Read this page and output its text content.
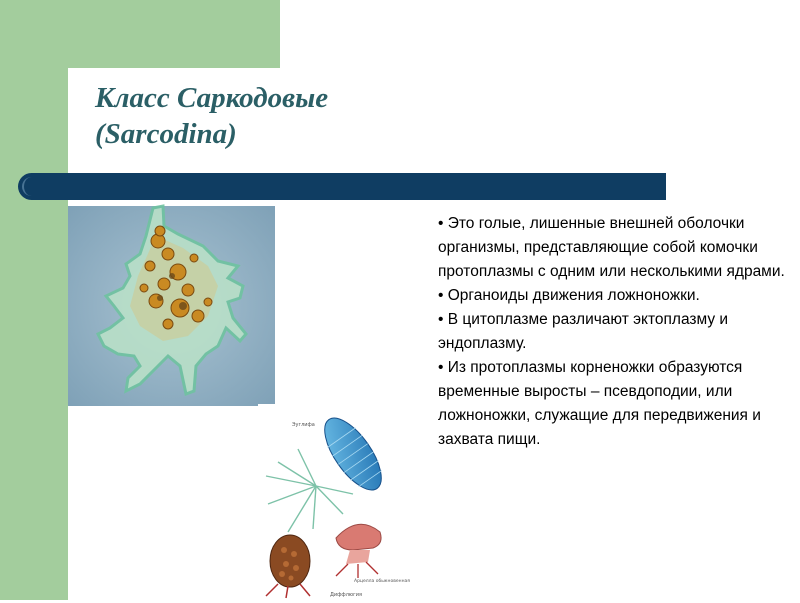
Класс Саркодовые
(Sarcodina)
Эуглифа
Арцелла обыкновенная
Диффлюгия

• Это голые, лишенные внешней оболочки организмы, представляющие собой комочки протоплазмы с одним или несколькими ядрами.

• Органоиды движения ложноножки.

• В цитоплазме различают эктоплазму и эндоплазму.

• Из протоплазмы корненожки образуются временные выросты – псевдоподии, или ложноножки, служащие для передвижения и захвата пищи.
